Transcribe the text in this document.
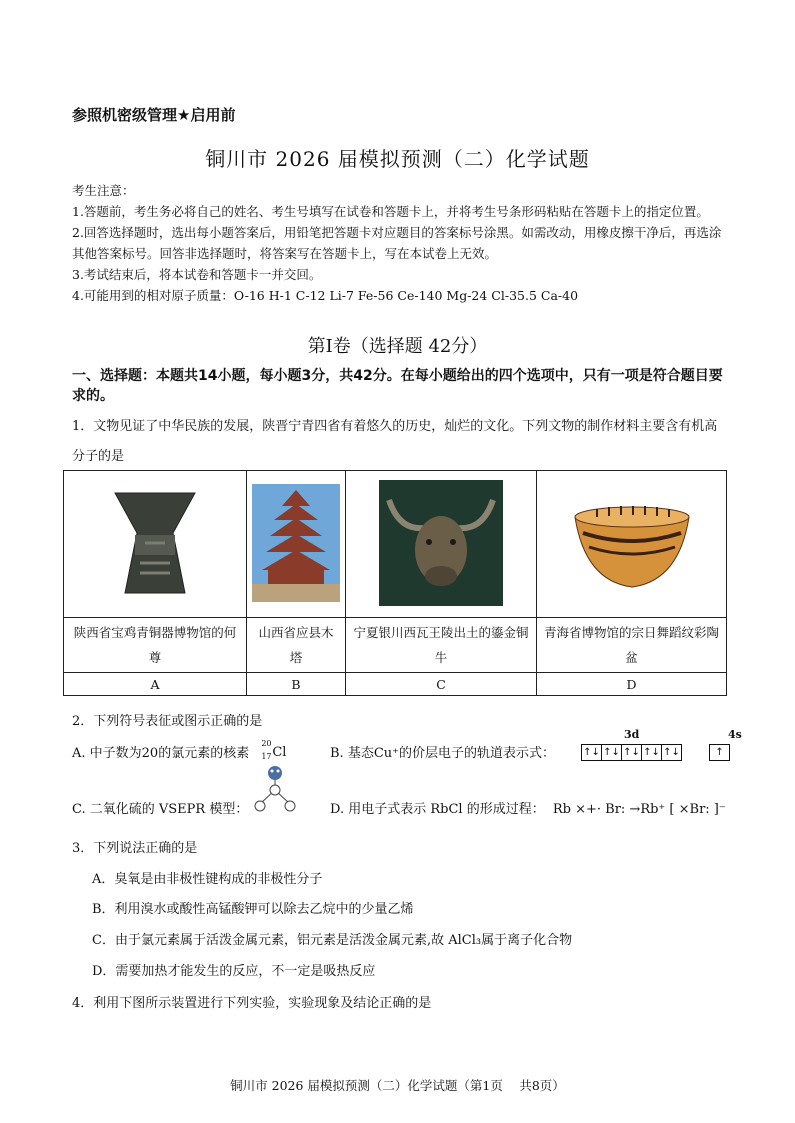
参照机密级管理★启用前
铜川市 2026 届模拟预测（二）化学试题

考生注意：

1.答题前，考生务必将自己的姓名、考生号填写在试卷和答题卡上，并将考生号条形码粘贴在答题卡上的指定位置。

2.回答选择题时，选出每小题答案后，用铅笔把答题卡对应题目的答案标号涂黑。如需改动，用橡皮擦干净后，再选涂其他答案标号。回答非选择题时，将答案写在答题卡上，写在本试卷上无效。

3.考试结束后，将本试卷和答题卡一并交回。

4.可能用到的相对原子质量：O-16 H-1 C-12 Li-7 Fe-56 Ce-140 Mg-24 Cl-35.5 Ca-40

第Ⅰ卷（选择题 42分）
一、选择题：本题共14小题，每小题3分，共42分。在每小题给出的四个选项中，只有一项是符合题目要求的。
1．文物见证了中华民族的发展，陕晋宁青四省有着悠久的历史，灿烂的文化。下列文物的制作材料主要含有机高分子的是

陕西省宝鸡青铜器博物馆的何尊	山西省应县木塔	宁夏银川西瓦王陵出土的鎏金铜牛	青海省博物馆的宗日舞蹈纹彩陶盆
A	B	C	D
2．下列符号表征或图示正确的是
A. 中子数为20的氯元素的核素
20
17 Cl	B. 基态Cu⁺的价层电子的轨道表示式：
3d
↑↓ ↑↓ ↑↓ ↑↓ ↑↓
4s
↑
C. 二氧化硫的 VSEPR 模型：	D. 用电子式表示 RbCl 的形成过程： Rb ×+· Br: →Rb⁺ [ ×Br: ]⁻
3．下列说法正确的是
A．臭氧是由非极性键构成的非极性分子
B．利用溴水或酸性高锰酸钾可以除去乙烷中的少量乙烯
C．由于氯元素属于活泼金属元素，铝元素是活泼金属元素,故 AlCl₃属于离子化合物
D．需要加热才能发生的反应，不一定是吸热反应
4．利用下图所示装置进行下列实验，实验现象及结论正确的是
铜川市 2026 届模拟预测（二）化学试题（第1页　 共8页）
